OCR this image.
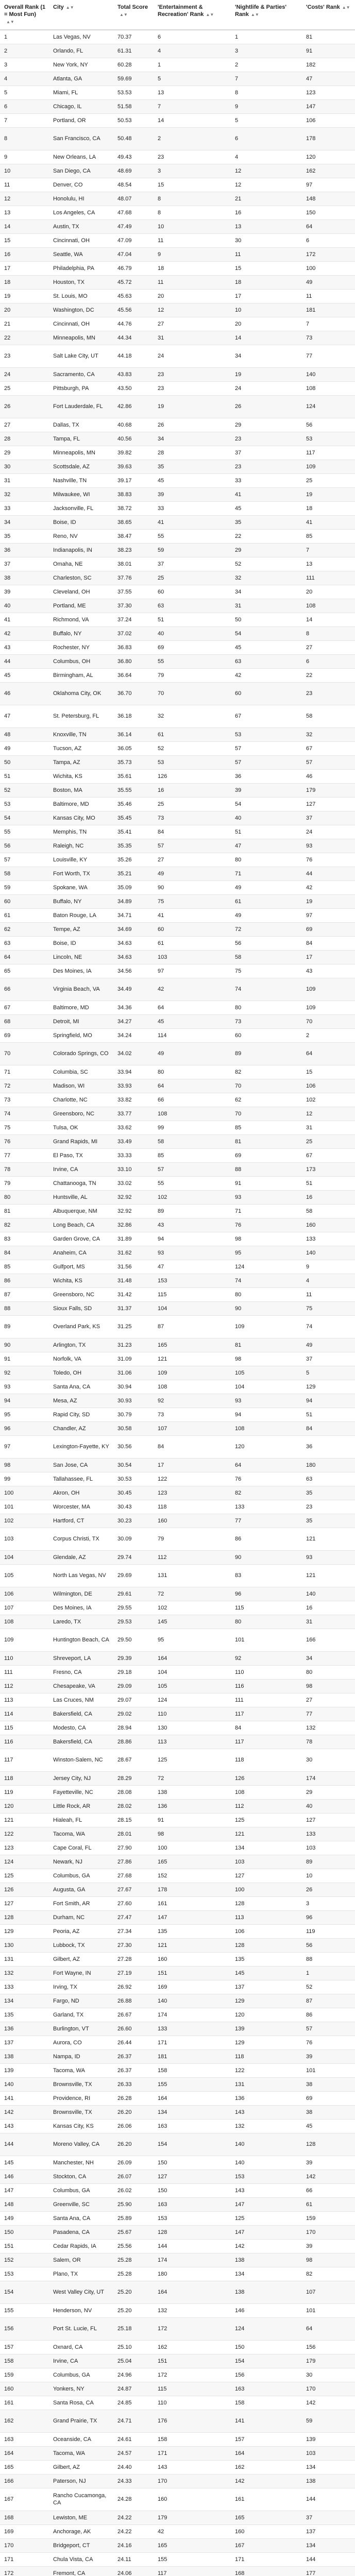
Overall Rank (1 = Most Fun)▲▼	City ▲▼	Total Score▲▼	'Entertainment & Recreation' Rank ▲▼	'Nightlife & Parties' Rank ▲▼	'Costs' Rank ▲▼
1	Las Vegas, NV	70.37	6	1	81
2	Orlando, FL	61.31	4	3	91
3	New York, NY	60.28	1	2	182
4	Atlanta, GA	59.69	5	7	47
5	Miami, FL	53.53	13	8	123
6	Chicago, IL	51.58	7	9	147
7	Portland, OR	50.53	14	5	106
8	San Francisco, CA	50.48	2	6	178
9	New Orleans, LA	49.43	23	4	120
10	San Diego, CA	48.69	3	12	162
11	Denver, CO	48.54	15	12	97
12	Honolulu, HI	48.07	8	21	148
13	Los Angeles, CA	47.68	8	16	150
14	Austin, TX	47.49	10	13	64
15	Cincinnati, OH	47.09	11	30	6
16	Seattle, WA	47.04	9	11	172
17	Philadelphia, PA	46.79	18	15	100
18	Houston, TX	45.72	11	18	49
19	St. Louis, MO	45.63	20	17	11
20	Washington, DC	45.56	12	10	181
21	Cincinnati, OH	44.76	27	20	7
22	Minneapolis, MN	44.34	31	14	73
23	Salt Lake City, UT	44.18	24	34	77
24	Sacramento, CA	43.83	23	19	140
25	Pittsburgh, PA	43.50	23	24	108
26	Fort Lauderdale, FL	42.86	19	26	124
27	Dallas, TX	40.68	26	29	56
28	Tampa, FL	40.56	34	23	53
29	Minneapolis, MN	39.82	28	37	117
30	Scottsdale, AZ	39.63	35	23	109
31	Nashville, TN	39.17	45	33	25
32	Milwaukee, WI	38.83	39	41	19
33	Jacksonville, FL	38.72	33	45	18
34	Boise, ID	38.65	41	35	41
35	Reno, NV	38.47	55	22	85
36	Indianapolis, IN	38.23	59	29	7
37	Omaha, NE	38.01	37	52	13
38	Charleston, SC	37.76	25	32	111
39	Cleveland, OH	37.55	60	34	20
40	Portland, ME	37.30	63	31	108
41	Richmond, VA	37.24	51	50	14
42	Buffalo, NY	37.02	40	54	8
43	Rochester, NY	36.83	69	45	27
44	Columbus, OH	36.80	55	63	6
45	Birmingham, AL	36.64	79	42	22
46	Oklahoma City, OK	36.70	70	60	23
47	St. Petersburg, FL	36.18	32	67	58
48	Knoxville, TN	36.14	61	53	32
49	Tucson, AZ	36.05	52	57	67
50	Tampa, AZ	35.73	53	57	57
51	Wichita, KS	35.61	126	36	46
52	Boston, MA	35.55	16	39	179
53	Baltimore, MD	35.46	25	54	127
54	Kansas City, MO	35.45	73	40	37
55	Memphis, TN	35.41	84	51	24
56	Raleigh, NC	35.35	57	47	93
57	Louisville, KY	35.26	27	80	76
58	Fort Worth, TX	35.21	49	71	44
59	Spokane, WA	35.09	90	49	42
60	Buffalo, NY	34.89	75	61	19
61	Baton Rouge, LA	34.71	41	49	97
62	Tempe, AZ	34.69	60	72	69
63	Boise, ID	34.63	61	56	84
64	Lincoln, NE	34.63	103	58	17
65	Des Moines, IA	34.56	97	75	43
66	Virginia Beach, VA	34.49	42	74	109
67	Baltimore, MD	34.36	64	80	109
68	Detroit, MI	34.27	45	73	70
69	Springfield, MO	34.24	114	60	2
70	Colorado Springs, CO	34.02	49	89	64
71	Columbia, SC	33.94	80	82	15
72	Madison, WI	33.93	64	70	106
73	Charlotte, NC	33.82	66	62	102
74	Greensboro, NC	33.77	108	70	12
75	Tulsa, OK	33.62	99	85	31
76	Grand Rapids, MI	33.49	58	81	25
77	El Paso, TX	33.33	85	69	67
78	Irvine, CA	33.10	57	88	173
79	Chattanooga, TN	33.02	55	91	51
80	Huntsville, AL	32.92	102	93	16
81	Albuquerque, NM	32.92	89	71	58
82	Long Beach, CA	32.86	43	76	160
83	Garden Grove, CA	31.89	94	98	133
84	Anaheim, CA	31.62	93	95	140
85	Gulfport, MS	31.56	47	124	9
86	Wichita, KS	31.48	153	74	4
87	Greensboro, NC	31.42	115	80	11
88	Sioux Falls, SD	31.37	104	90	75
89	Overland Park, KS	31.25	87	109	74
90	Arlington, TX	31.23	165	81	49
91	Norfolk, VA	31.09	121	98	37
92	Toledo, OH	31.06	109	105	5
93	Santa Ana, CA	30.94	108	104	129
94	Mesa, AZ	30.93	92	93	94
95	Rapid City, SD	30.79	73	94	51
96	Chandler, AZ	30.58	107	108	84
97	Lexington-Fayette, KY	30.56	84	120	36
98	San Jose, CA	30.54	17	64	180
99	Tallahassee, FL	30.53	122	76	63
100	Akron, OH	30.45	123	82	35
101	Worcester, MA	30.43	118	133	23
102	Hartford, CT	30.23	160	77	35
103	Corpus Christi, TX	30.09	79	86	121
104	Glendale, AZ	29.74	112	90	93
105	North Las Vegas, NV	29.69	131	83	121
106	Wilmington, DE	29.61	72	96	140
107	Des Moines, IA	29.55	102	115	16
108	Laredo, TX	29.53	145	80	31
109	Huntington Beach, CA	29.50	95	101	166
110	Shreveport, LA	29.39	164	92	34
111	Fresno, CA	29.18	104	110	80
112	Chesapeake, VA	29.09	105	116	98
113	Las Cruces, NM	29.07	124	111	27
114	Bakersfield, CA	29.02	110	117	77
115	Modesto, CA	28.94	130	84	132
116	Bakersfield, CA	28.86	113	117	78
117	Winston-Salem, NC	28.67	125	118	30
118	Jersey City, NJ	28.29	72	126	174
119	Fayetteville, NC	28.08	138	108	29
120	Little Rock, AR	28.02	136	112	40
121	Hialeah, FL	28.15	91	125	127
122	Tacoma, WA	28.01	98	121	133
123	Cape Coral, FL	27.90	100	134	103
124	Newark, NJ	27.86	165	103	89
125	Columbus, GA	27.68	152	127	10
126	Augusta, GA	27.67	178	100	26
127	Fort Smith, AR	27.60	161	128	3
128	Durham, NC	27.47	147	113	96
129	Peoria, AZ	27.34	135	106	119
130	Lubbock, TX	27.30	121	128	56
131	Gilbert, AZ	27.28	160	135	88
132	Fort Wayne, IN	27.19	151	145	1
133	Irving, TX	26.92	169	137	52
134	Fargo, ND	26.88	140	129	87
135	Garland, TX	26.67	174	120	86
136	Burlington, VT	26.60	133	139	57
137	Aurora, CO	26.44	171	129	76
138	Nampa, ID	26.37	181	118	39
139	Tacoma, WA	26.37	158	122	101
140	Brownsville, TX	26.33	155	131	38
141	Providence, RI	26.28	164	136	69
142	Brownsville, TX	26.20	134	143	38
143	Kansas City, KS	26.06	163	132	45
144	Moreno Valley, CA	26.20	154	140	128
145	Manchester, NH	26.09	150	140	39
146	Stockton, CA	26.07	127	153	142
147	Columbus, GA	26.02	150	143	66
148	Greenville, SC	25.90	163	147	61
149	Santa Ana, CA	25.89	153	125	159
150	Pasadena, CA	25.67	128	147	170
151	Cedar Rapids, IA	25.56	144	142	39
152	Salem, OR	25.28	174	138	98
153	Plano, TX	25.28	180	134	82
154	West Valley City, UT	25.20	164	138	107
155	Henderson, NV	25.20	132	146	101
156	Port St. Lucie, FL	25.18	172	124	64
157	Oxnard, CA	25.10	162	150	156
158	Irvine, CA	25.04	151	154	179
159	Columbus, GA	24.96	172	156	30
160	Yonkers, NY	24.87	115	163	170
161	Santa Rosa, CA	24.85	110	158	142
162	Grand Prairie, TX	24.71	176	141	59
163	Oceanside, CA	24.61	158	157	139
164	Tacoma, WA	24.57	171	164	103
165	Gilbert, AZ	24.40	143	162	134
166	Paterson, NJ	24.33	170	142	138
167	Rancho Cucamonga, CA	24.28	160	161	144
168	Lewiston, ME	24.22	179	165	37
169	Anchorage, AK	24.22	42	160	137
170	Bridgeport, CT	24.16	165	167	134
171	Chula Vista, CA	24.11	155	171	144
172	Fremont, CA	24.06	117	168	177
